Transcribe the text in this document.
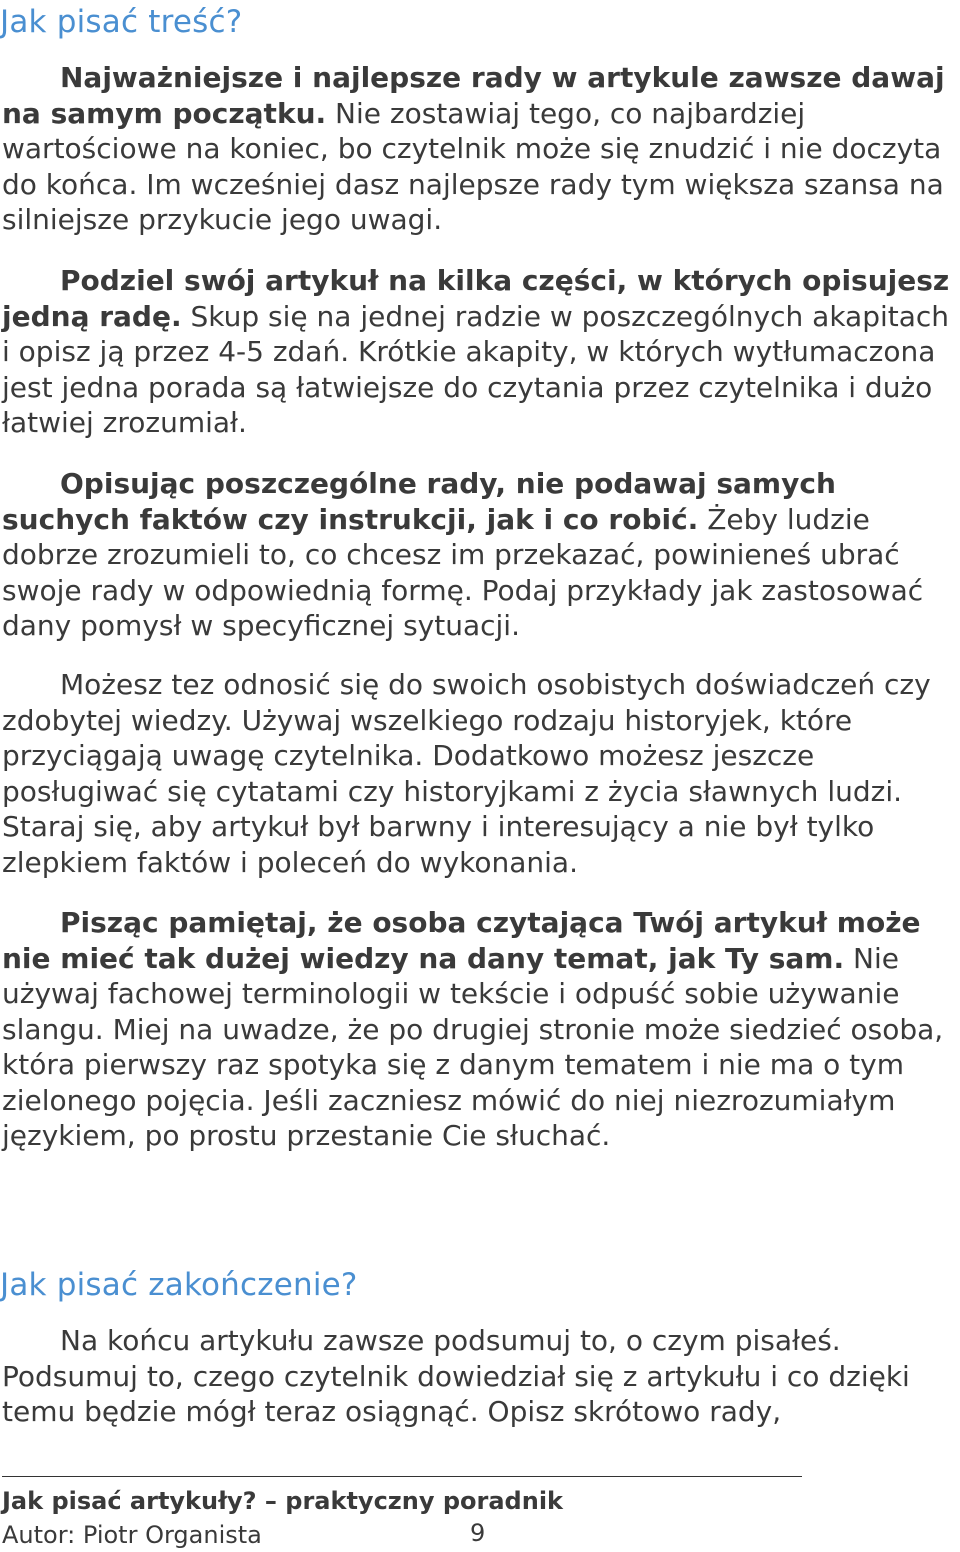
Jak pisać treść?

Najważniejsze i najlepsze rady w artykule zawsze dawaj na samym początku. Nie zostawiaj tego, co najbardziej wartościowe na koniec, bo czytelnik może się znudzić i nie doczyta do końca. Im wcześniej dasz najlepsze rady tym większa szansa na silniejsze przykucie jego uwagi.

Podziel swój artykuł na kilka części, w których opisujesz jedną radę. Skup się na jednej radzie w poszczególnych akapitach i opisz ją przez 4-5 zdań. Krótkie akapity, w których wytłumaczona jest jedna porada są łatwiejsze do czytania przez czytelnika i dużo łatwiej zrozumiał.

Opisując poszczególne rady, nie podawaj samych suchych faktów czy instrukcji, jak i co robić. Żeby ludzie dobrze zrozumieli to, co chcesz im przekazać, powinieneś ubrać swoje rady w odpowiednią formę. Podaj przykłady jak zastosować dany pomysł w specyficznej sytuacji.

Możesz tez odnosić się do swoich osobistych doświadczeń czy zdobytej wiedzy. Używaj wszelkiego rodzaju historyjek, które przyciągają uwagę czytelnika. Dodatkowo możesz jeszcze posługiwać się cytatami czy historyjkami z życia sławnych ludzi. Staraj się, aby artykuł był barwny i interesujący a nie był tylko zlepkiem faktów i poleceń do wykonania.

Pisząc pamiętaj, że osoba czytająca Twój artykuł może nie mieć tak dużej wiedzy na dany temat, jak Ty sam. Nie używaj fachowej terminologii w tekście i odpuść sobie używanie slangu. Miej na uwadze, że po drugiej stronie może siedzieć osoba, która pierwszy raz spotyka się z danym tematem i nie ma o tym zielonego pojęcia. Jeśli zaczniesz mówić do niej niezrozumiałym językiem, po prostu przestanie Cie słuchać.

Jak pisać zakończenie?

Na końcu artykułu zawsze podsumuj to, o czym pisałeś. Podsumuj to, czego czytelnik dowiedział się z artykułu i co dzięki temu będzie mógł teraz osiągnąć. Opisz skrótowo rady,

Jak pisać artykuły? – praktyczny poradnik
Autor: Piotr Organista	9
